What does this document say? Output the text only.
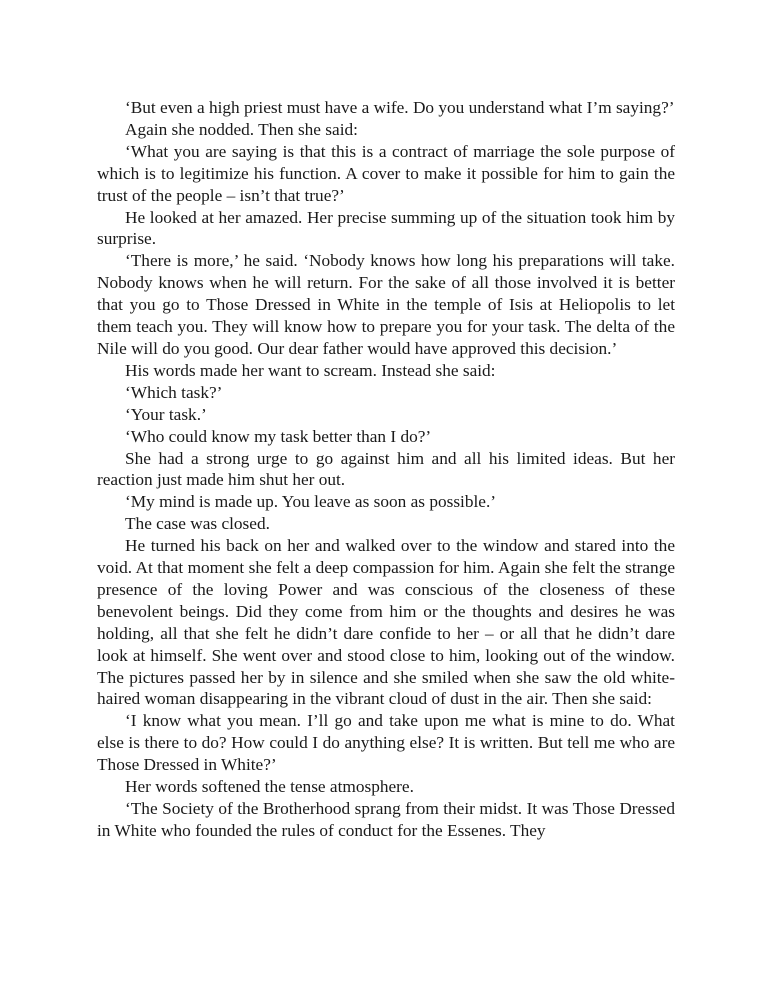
‘But even a high priest must have a wife. Do you understand what I’m saying?’

Again she nodded. Then she said:

‘What you are saying is that this is a contract of marriage the sole purpose of which is to legitimize his function. A cover to make it possible for him to gain the trust of the people – isn’t that true?’

He looked at her amazed. Her precise summing up of the situation took him by surprise.

‘There is more,’ he said. ‘Nobody knows how long his preparations will take. Nobody knows when he will return. For the sake of all those involved it is better that you go to Those Dressed in White in the temple of Isis at Heliopolis to let them teach you. They will know how to prepare you for your task. The delta of the Nile will do you good. Our dear father would have approved this decision.’

His words made her want to scream. Instead she said:

‘Which task?’

‘Your task.’

‘Who could know my task better than I do?’

She had a strong urge to go against him and all his limited ideas. But her reaction just made him shut her out.

‘My mind is made up. You leave as soon as possible.’

The case was closed.

He turned his back on her and walked over to the window and stared into the void. At that moment she felt a deep compassion for him. Again she felt the strange presence of the loving Power and was conscious of the closeness of these benevolent beings. Did they come from him or the thoughts and desires he was holding, all that she felt he didn’t dare confide to her – or all that he didn’t dare look at himself. She went over and stood close to him, looking out of the window. The pictures passed her by in silence and she smiled when she saw the old white-haired woman disappearing in the vibrant cloud of dust in the air. Then she said:

‘I know what you mean. I’ll go and take upon me what is mine to do. What else is there to do? How could I do anything else? It is written. But tell me who are Those Dressed in White?’

Her words softened the tense atmosphere.

‘The Society of the Brotherhood sprang from their midst. It was Those Dressed in White who founded the rules of conduct for the Essenes. They
